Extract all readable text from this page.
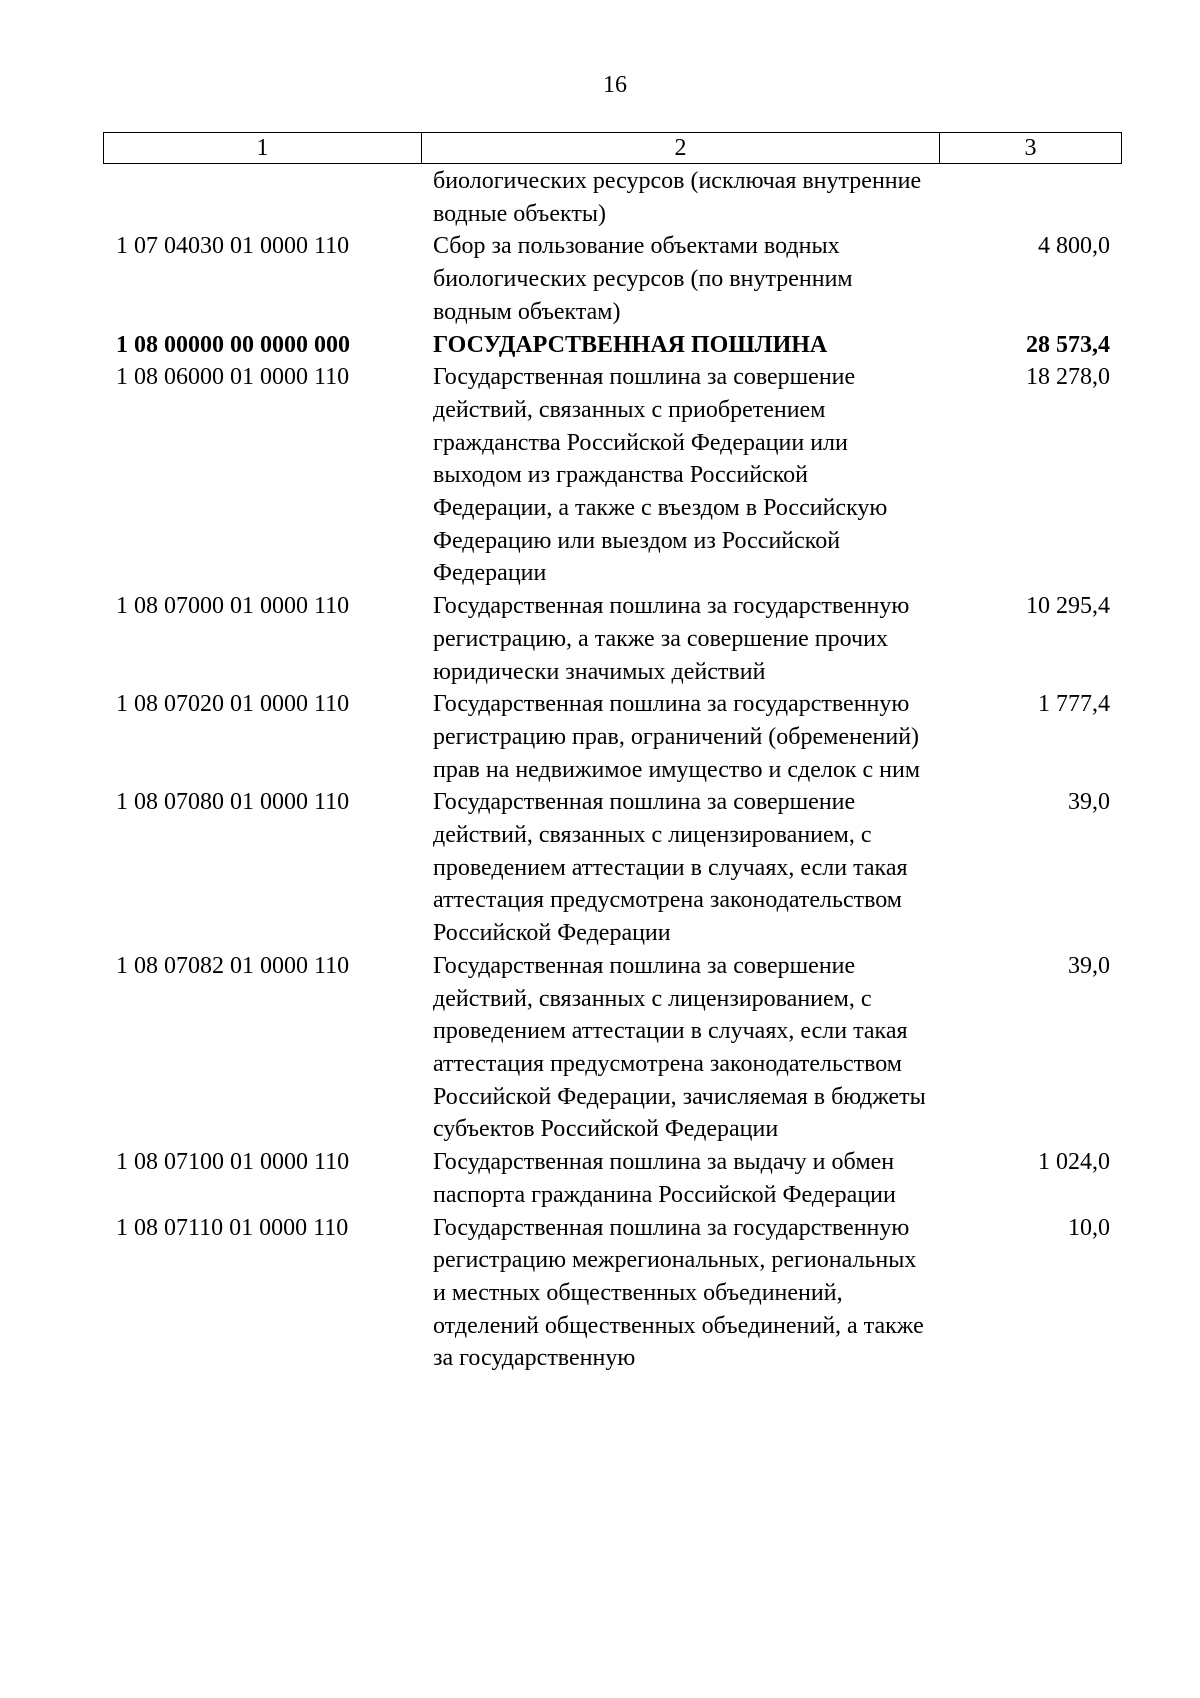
16
1	2	3
	биологических ресурсов (исключая внутренние водные объекты)	
1 07 04030 01 0000 110	Сбор за пользование объектами водных биологических ресурсов (по внутренним водным объектам)	4 800,0
1 08 00000 00 0000 000	ГОСУДАРСТВЕННАЯ ПОШЛИНА	28 573,4
1 08 06000 01 0000 110	Государственная пошлина за совершение действий, связанных с приобретением гражданства Российской Федерации или выходом из гражданства Российской Федерации, а также с въездом в Российскую Федерацию или выездом из Российской Федерации	18 278,0
1 08 07000 01 0000 110	Государственная пошлина за государственную регистрацию, а также за совершение прочих юридически значимых действий	10 295,4
1 08 07020 01 0000 110	Государственная пошлина за государственную регистрацию прав, ограничений (обременений) прав на недвижимое имущество и сделок с ним	1 777,4
1 08 07080 01 0000 110	Государственная пошлина за совершение действий, связанных с лицензированием, с проведением аттестации в случаях, если такая аттестация предусмотрена законодательством Российской Федерации	39,0
1 08 07082 01 0000 110	Государственная пошлина за совершение действий, связанных с лицензированием, с проведением аттестации в случаях, если такая аттестация предусмотрена законодательством Российской Федерации, зачисляемая в бюджеты субъектов Российской Федерации	39,0
1 08 07100 01 0000 110	Государственная пошлина за выдачу и обмен паспорта гражданина Российской Федерации	1 024,0
1 08 07110 01 0000 110	Государственная пошлина за государственную регистрацию межрегиональных, региональных и местных общественных объединений, отделений общественных объединений, а также за государственную	10,0
